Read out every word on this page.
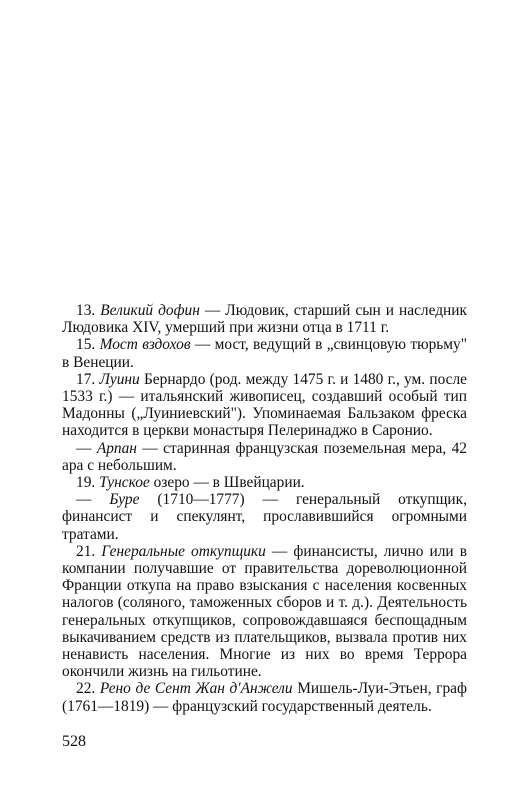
13. Великий дофин — Людовик, старший сын и наследник Людовика XIV, умерший при жизни отца в 1711 г.

15. Мост вздохов — мост, ведущий в „свинцовую тюрьму" в Венеции.

17. Луини Бернардо (род. между 1475 г. и 1480 г., ум. после 1533 г.) — итальянский живописец, создавший особый тип Мадонны („Луиниевский"). Упоминаемая Бальзаком фреска находится в церкви монастыря Пелеринаджо в Саронио.

— Арпан — старинная французская поземельная мера, 42 ара с небольшим.

19. Тунское озеро — в Швейцарии.

— Буре (1710—1777) — генеральный откупщик, финансист и спекулянт, прославившийся огромными тратами.

21. Генеральные откупщики — финансисты, лично или в компании получавшие от правительства дореволюционной Франции откупа на право взыскания с населения косвенных налогов (соляного, таможенных сборов и т. д.). Деятельность генеральных откупщиков, сопровождавшаяся беспощадным выкачиванием средств из плательщиков, вызвала против них ненависть населения. Многие из них во время Террора окончили жизнь на гильотине.

22. Рено де Сент Жан д'Анжели Мишель-Луи-Этьен, граф (1761—1819) — французский государственный деятель.

528
